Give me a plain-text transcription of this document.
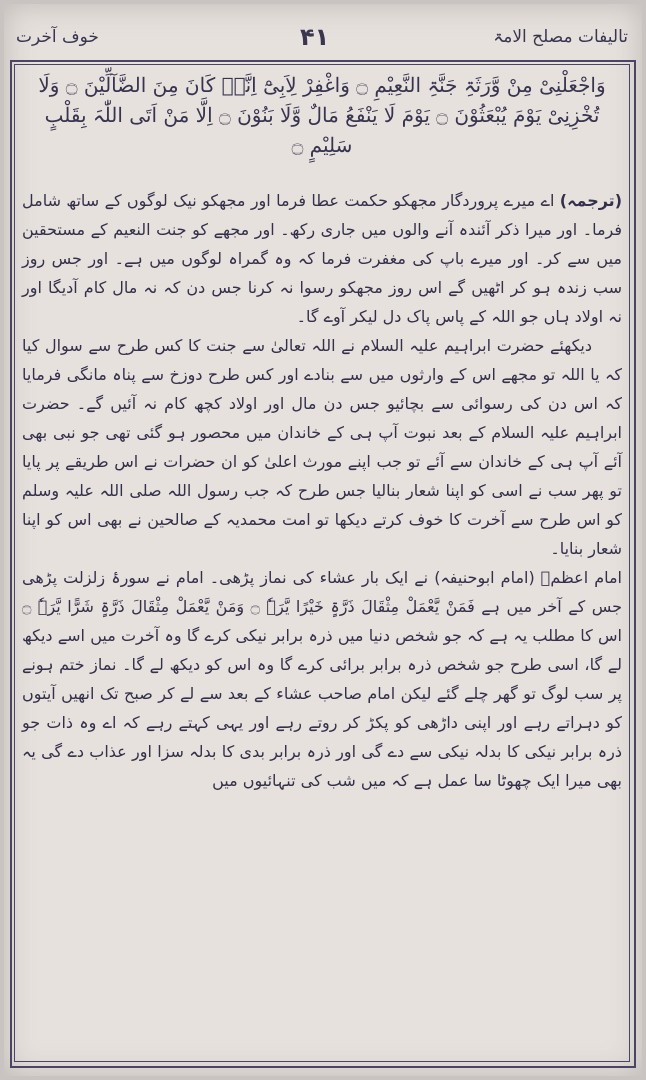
تالیفات مصلح الامۃ
۴۱
خوف آخرت
وَاجْعَلْنِیْ مِنْ وَّرَثَۃِ جَنَّۃِ النَّعِیْمِ ۝ وَاغْفِرْ لِاَبِیْٓ اِنَّہٗ کَانَ مِنَ الضَّآلِّیْنَ ۝ وَلَا تُخْزِنِیْ یَوْمَ یُبْعَثُوْنَ ۝ یَوْمَ لَا یَنْفَعُ مَالٌ وَّلَا بَنُوْنَ ۝ اِلَّا مَنْ اَتَی اللّٰہَ بِقَلْبٍ سَلِیْمٍ ۝

(ترجمہ) اے میرے پروردگار مجھکو حکمت عطا فرما اور مجھکو نیک لوگوں کے ساتھ شامل فرما۔ اور میرا ذکر آئندہ آنے والوں میں جاری رکھ۔ اور مجھے کو جنت النعیم کے مستحقین میں سے کر۔ اور میرے باپ کی مغفرت فرما کہ وہ گمراہ لوگوں میں ہے۔ اور جس روز سب زندہ ہو کر اٹھیں گے اس روز مجھکو رسوا نہ کرنا جس دن کہ نہ مال کام آدیگا اور نہ اولاد ہاں جو اللہ کے پاس پاک دل لیکر آوے گا۔

دیکھئے حضرت ابراہیم علیہ السلام نے اللہ تعالیٰ سے جنت کا کس طرح سے سوال کیا کہ یا اللہ تو مجھے اس کے وارثوں میں سے بنادے اور کس طرح دوزخ سے پناہ مانگی فرمایا کہ اس دن کی رسوائی سے بچائیو جس دن مال اور اولاد کچھ کام نہ آئیں گے۔ حضرت ابراہیم علیہ السلام کے بعد نبوت آپ ہی کے خاندان میں محصور ہو گئی تھی جو نبی بھی آئے آپ ہی کے خاندان سے آئے تو جب اپنے مورث اعلیٰ کو ان حضرات نے اس طریقے پر پایا تو پھر سب نے اسی کو اپنا شعار بنالیا جس طرح کہ جب رسول اللہ صلی اللہ علیہ وسلم کو اس طرح سے آخرت کا خوف کرتے دیکھا تو امت محمدیہ کے صالحین نے بھی اس کو اپنا شعار بنایا۔

امام اعظمؒ (امام ابوحنیفہ) نے ایک بار عشاء کی نماز پڑھی۔ امام نے سورۂ زلزلت پڑھی جس کے آخر میں ہے فَمَنْ یَّعْمَلْ مِثْقَالَ ذَرَّۃٍ خَیْرًا یَّرَہٗ ۝ وَمَنْ یَّعْمَلْ مِثْقَالَ ذَرَّۃٍ شَرًّا یَّرَہٗ ۝ اس کا مطلب یہ ہے کہ جو شخص دنیا میں ذرہ برابر نیکی کرے گا وہ آخرت میں اسے دیکھ لے گا، اسی طرح جو شخص ذرہ برابر برائی کرے گا وہ اس کو دیکھ لے گا۔ نماز ختم ہونے پر سب لوگ تو گھر چلے گئے لیکن امام صاحب عشاء کے بعد سے لے کر صبح تک انھیں آیتوں کو دہراتے رہے اور اپنی داڑھی کو پکڑ کر روتے رہے اور یہی کہتے رہے کہ اے وہ ذات جو ذرہ برابر نیکی کا بدلہ نیکی سے دے گی اور ذرہ برابر بدی کا بدلہ سزا اور عذاب دے گی یہ بھی میرا ایک چھوٹا سا عمل ہے کہ میں شب کی تنہائیوں میں
